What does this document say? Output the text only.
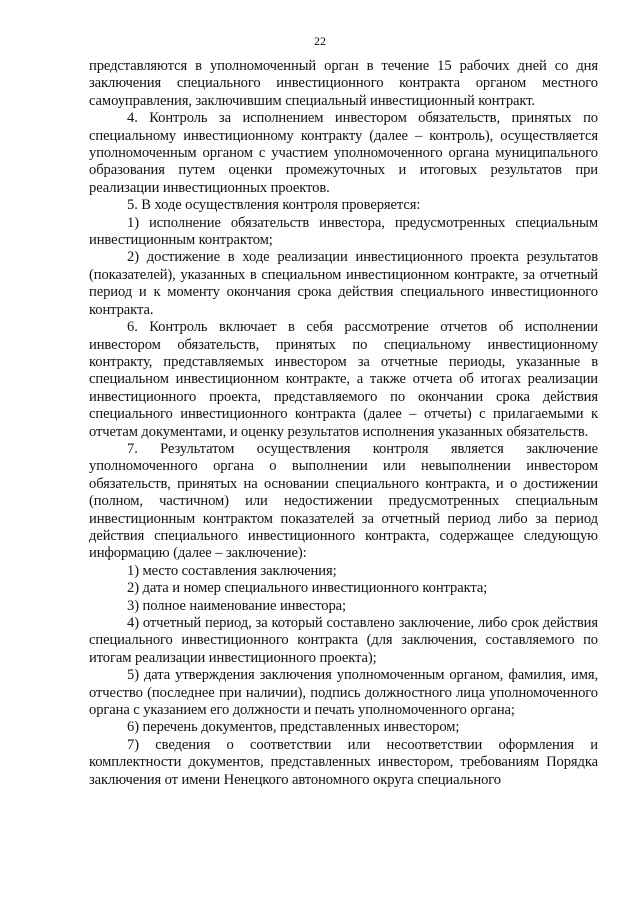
22

представляются в уполномоченный орган в течение 15 рабочих дней со дня заключения специального инвестиционного контракта органом местного самоуправления, заключившим специальный инвестиционный контракт.

4. Контроль за исполнением инвестором обязательств, принятых по специальному инвестиционному контракту (далее – контроль), осуществляется уполномоченным органом с участием уполномоченного органа муниципального образования путем оценки промежуточных и итоговых результатов при реализации инвестиционных проектов.

5. В ходе осуществления контроля проверяется:

1) исполнение обязательств инвестора, предусмотренных специальным инвестиционным контрактом;

2) достижение в ходе реализации инвестиционного проекта результатов (показателей), указанных в специальном инвестиционном контракте, за отчетный период и к моменту окончания срока действия специального инвестиционного контракта.

6. Контроль включает в себя рассмотрение отчетов об исполнении инвестором обязательств, принятых по специальному инвестиционному контракту, представляемых инвестором за отчетные периоды, указанные в специальном инвестиционном контракте, а также отчета об итогах реализации инвестиционного проекта, представляемого по окончании срока действия специального инвестиционного контракта (далее – отчеты) с прилагаемыми к отчетам документами, и оценку результатов исполнения указанных обязательств.

7. Результатом осуществления контроля является заключение уполномоченного органа о выполнении или невыполнении инвестором обязательств, принятых на основании специального контракта, и о достижении (полном, частичном) или недостижении предусмотренных специальным инвестиционным контрактом показателей за отчетный период либо за период действия специального инвестиционного контракта, содержащее следующую информацию (далее – заключение):

1) место составления заключения;

2) дата и номер специального инвестиционного контракта;

3) полное наименование инвестора;

4) отчетный период, за который составлено заключение, либо срок действия специального инвестиционного контракта (для заключения, составляемого по итогам реализации инвестиционного проекта);

5) дата утверждения заключения уполномоченным органом, фамилия, имя, отчество (последнее при наличии), подпись должностного лица уполномоченного органа с указанием его должности и печать уполномоченного органа;

6) перечень документов, представленных инвестором;

7) сведения о соответствии или несоответствии оформления и комплектности документов, представленных инвестором, требованиям Порядка заключения от имени Ненецкого автономного округа специального
